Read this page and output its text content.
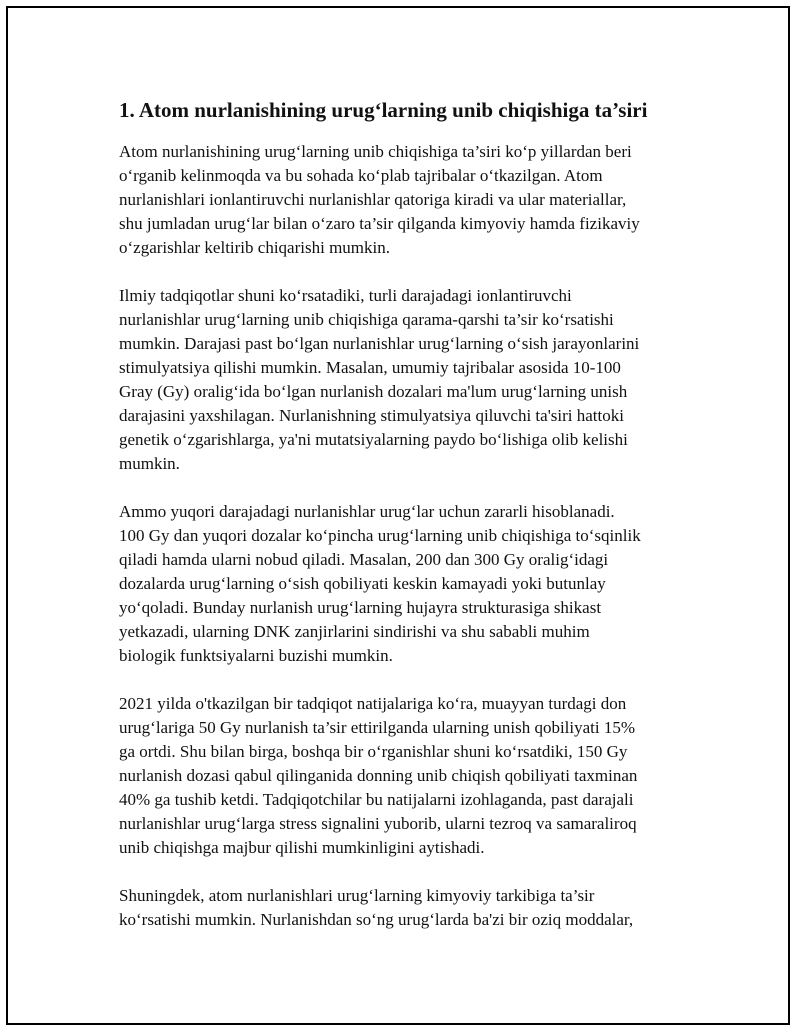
1. Atom nurlanishining urug‘larning unib chiqishiga ta’siri

Atom nurlanishining urug‘larning unib chiqishiga ta’siri ko‘p yillardan beri
o‘rganib kelinmoqda va bu sohada ko‘plab tajribalar o‘tkazilgan. Atom
nurlanishlari ionlantiruvchi nurlanishlar qatoriga kiradi va ular materiallar,
shu jumladan urug‘lar bilan o‘zaro ta’sir qilganda kimyoviy hamda fizikaviy
o‘zgarishlar keltirib chiqarishi mumkin.

Ilmiy tadqiqotlar shuni ko‘rsatadiki, turli darajadagi ionlantiruvchi
nurlanishlar urug‘larning unib chiqishiga qarama-qarshi ta’sir ko‘rsatishi
mumkin. Darajasi past bo‘lgan nurlanishlar urug‘larning o‘sish jarayonlarini
stimulyatsiya qilishi mumkin. Masalan, umumiy tajribalar asosida 10-100
Gray (Gy) oralig‘ida bo‘lgan nurlanish dozalari ma'lum urug‘larning unish
darajasini yaxshilagan. Nurlanishning stimulyatsiya qiluvchi ta'siri hattoki
genetik o‘zgarishlarga, ya'ni mutatsiyalarning paydo bo‘lishiga olib kelishi
mumkin.

Ammo yuqori darajadagi nurlanishlar urug‘lar uchun zararli hisoblanadi.
100 Gy dan yuqori dozalar ko‘pincha urug‘larning unib chiqishiga to‘sqinlik
qiladi hamda ularni nobud qiladi. Masalan, 200 dan 300 Gy oralig‘idagi
dozalarda urug‘larning o‘sish qobiliyati keskin kamayadi yoki butunlay
yo‘qoladi. Bunday nurlanish urug‘larning hujayra strukturasiga shikast
yetkazadi, ularning DNK zanjirlarini sindirishi va shu sababli muhim
biologik funktsiyalarni buzishi mumkin.

2021 yilda o'tkazilgan bir tadqiqot natijalariga ko‘ra, muayyan turdagi don
urug‘lariga 50 Gy nurlanish ta’sir ettirilganda ularning unish qobiliyati 15%
ga ortdi. Shu bilan birga, boshqa bir o‘rganishlar shuni ko‘rsatdiki, 150 Gy
nurlanish dozasi qabul qilinganida donning unib chiqish qobiliyati taxminan
40% ga tushib ketdi. Tadqiqotchilar bu natijalarni izohlaganda, past darajali
nurlanishlar urug‘larga stress signalini yuborib, ularni tezroq va samaraliroq
unib chiqishga majbur qilishi mumkinligini aytishadi.

Shuningdek, atom nurlanishlari urug‘larning kimyoviy tarkibiga ta’sir
ko‘rsatishi mumkin. Nurlanishdan so‘ng urug‘larda ba'zi bir oziq moddalar,
